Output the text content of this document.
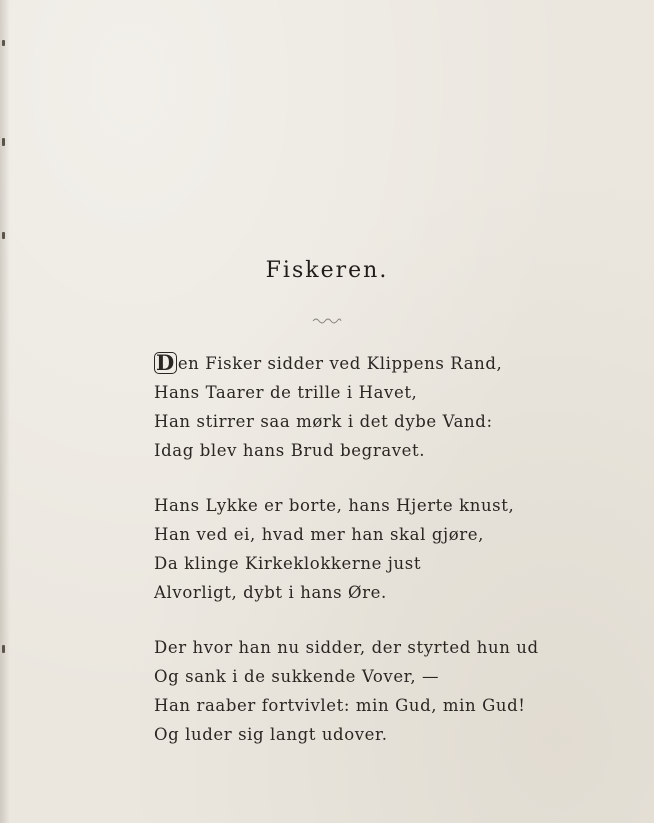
Fiskeren.
D en Fisker sidder ved Klippens Rand,
Hans Taarer de trille i Havet,
Han stirrer saa mørk i det dybe Vand:
Idag blev hans Brud begravet.
Hans Lykke er borte, hans Hjerte knust,
Han ved ei, hvad mer han skal gjøre,
Da klinge Kirkeklokkerne just
Alvorligt, dybt i hans Øre.
Der hvor han nu sidder, der styrted hun ud
Og sank i de sukkende Vover, —
Han raaber fortvivlet: min Gud, min Gud!
Og luder sig langt udover.
